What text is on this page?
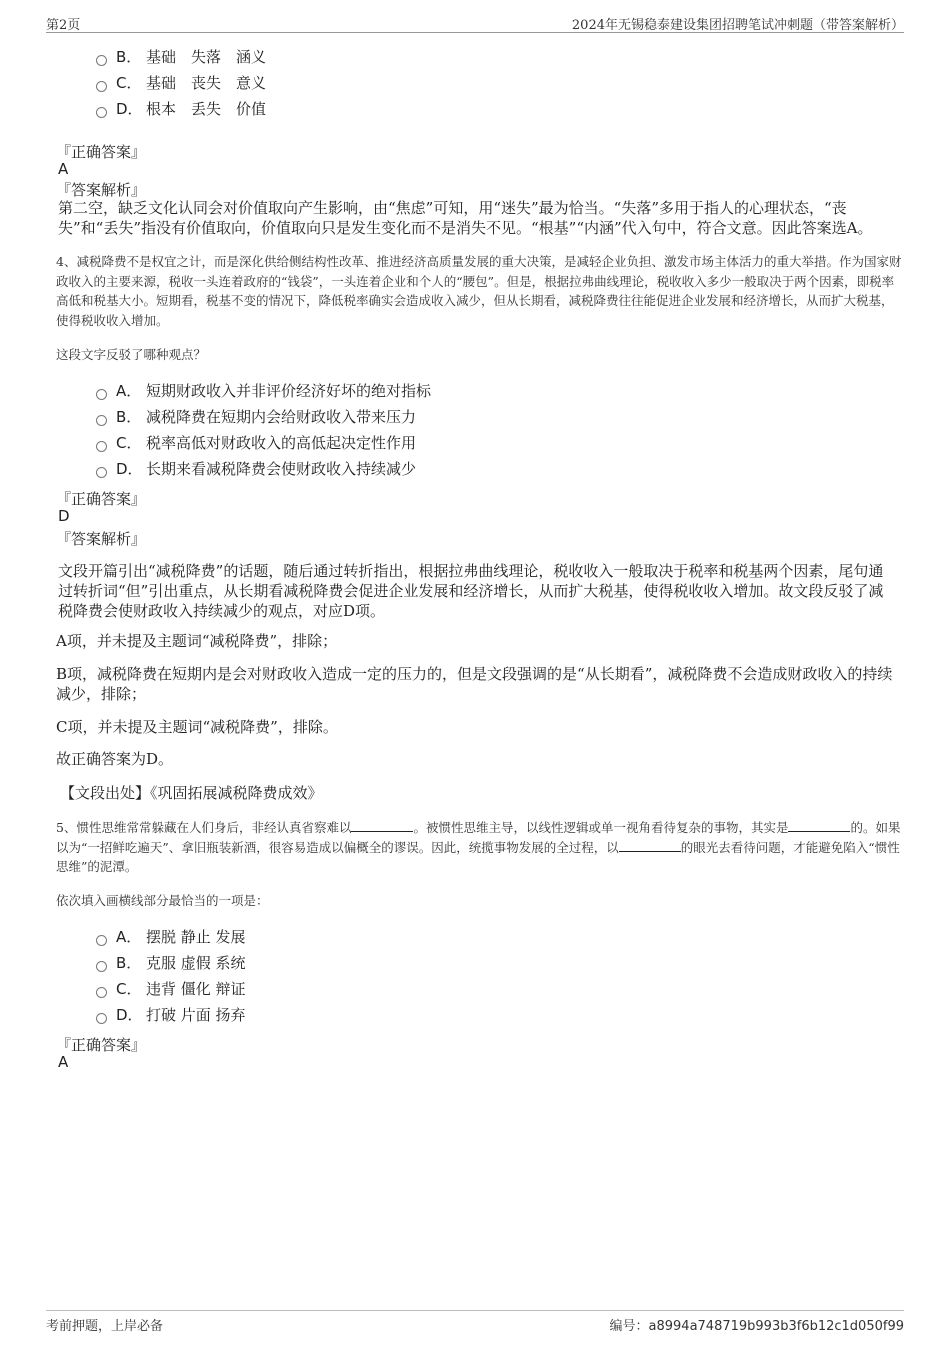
第2页	2024年无锡稳泰建设集团招聘笔试冲刺题（带答案解析）
B． 基础　失落　涵义
C． 基础　丧失　意义
D． 根本　丢失　价值
『正确答案』
A
『答案解析』
第二空，缺乏文化认同会对价值取向产生影响，由“焦虑”可知，用“迷失”最为恰当。“失落”多用于指人的心理状态，“丧失”和“丢失”指没有价值取向，价值取向只是发生变化而不是消失不见。“根基”“内涵”代入句中，符合文意。因此答案选A。
4、减税降费不是权宜之计，而是深化供给侧结构性改革、推进经济高质量发展的重大决策，是减轻企业负担、激发市场主体活力的重大举措。作为国家财政收入的主要来源，税收一头连着政府的“钱袋”，一头连着企业和个人的“腰包”。但是，根据拉弗曲线理论，税收收入多少一般取决于两个因素，即税率高低和税基大小。短期看，税基不变的情况下，降低税率确实会造成收入减少，但从长期看，减税降费往往能促进企业发展和经济增长，从而扩大税基，使得税收收入增加。
这段文字反驳了哪种观点？
A． 短期财政收入并非评价经济好坏的绝对指标
B． 减税降费在短期内会给财政收入带来压力
C． 税率高低对财政收入的高低起决定性作用
D． 长期来看减税降费会使财政收入持续减少
『正确答案』
D
『答案解析』
文段开篇引出“减税降费”的话题，随后通过转折指出，根据拉弗曲线理论，税收收入一般取决于税率和税基两个因素，尾句通过转折词“但”引出重点，从长期看减税降费会促进企业发展和经济增长，从而扩大税基，使得税收收入增加。故文段反驳了减税降费会使财政收入持续减少的观点，对应D项。
A项，并未提及主题词“减税降费”，排除；
B项，减税降费在短期内是会对财政收入造成一定的压力的，但是文段强调的是“从长期看”，减税降费不会造成财政收入的持续减少，排除；
C项，并未提及主题词“减税降费”，排除。
故正确答案为D。
【文段出处】《巩固拓展减税降费成效》
5、惯性思维常常躲藏在人们身后，非经认真省察难以	。被惯性思维主导，以线性逻辑或单一视角看待复杂的事物，其实是	的。如果以为“一招鲜吃遍天”、拿旧瓶装新酒，很容易造成以偏概全的谬误。因此，统揽事物发展的全过程，以	的眼光去看待问题，才能避免陷入“惯性思维”的泥潭。
依次填入画横线部分最恰当的一项是：
A． 摆脱 静止 发展
B． 克服 虚假 系统
C． 违背 僵化 辩证
D． 打破 片面 扬弃
『正确答案』
A
考前押题，上岸必备	编号：a8994a748719b993b3f6b12c1d050f99
